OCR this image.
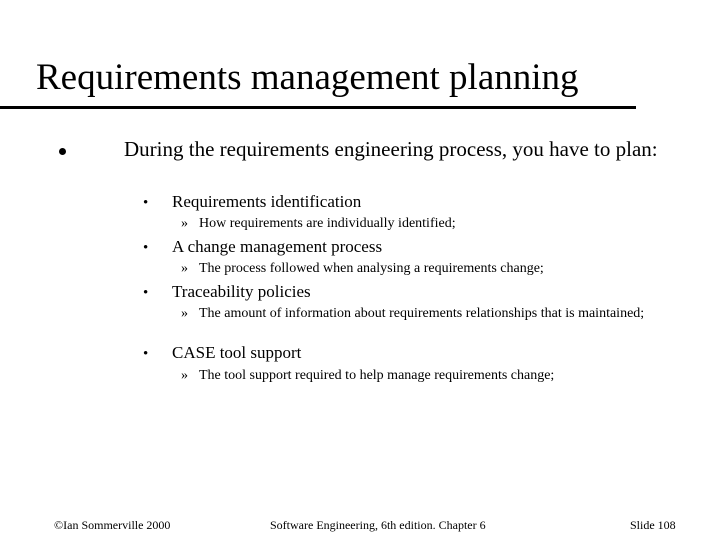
Requirements management planning
During the requirements engineering process, you have to plan:
• Requirements identification
» How requirements are individually identified;
• A change management process
» The process followed when analysing a requirements change;
• Traceability policies
» The amount of information about requirements relationships that is maintained;
• CASE tool support
» The tool support required to help manage requirements change;
©Ian Sommerville 2000	Software Engineering, 6th edition. Chapter 6	Slide 108
